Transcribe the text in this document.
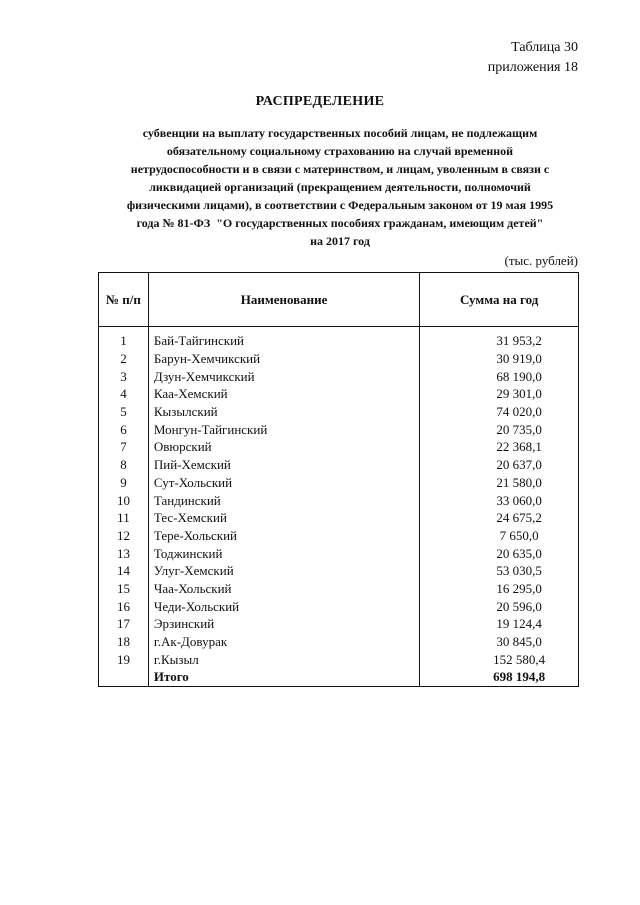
Таблица 30
приложения 18
РАСПРЕДЕЛЕНИЕ
субвенции на выплату государственных пособий лицам, не подлежащим
обязательному социальному страхованию на случай временной
нетрудоспособности и в связи с материнством, и лицам, уволенным в связи с
ликвидацией организаций (прекращением деятельности, полномочий
физическими лицами), в соответствии с Федеральным законом от 19 мая 1995
года № 81-ФЗ  "О государственных пособиях гражданам, имеющим детей"
на 2017 год
(тыс. рублей)
№ п/п	Наименование	Сумма на год
1	Бай-Тайгинский	31 953,2
2	Барун-Хемчикский	30 919,0
3	Дзун-Хемчикский	68 190,0
4	Каа-Хемский	29 301,0
5	Кызылский	74 020,0
6	Монгун-Тайгинский	20 735,0
7	Овюрский	22 368,1
8	Пий-Хемский	20 637,0
9	Сут-Хольский	21 580,0
10	Тандинский	33 060,0
11	Тес-Хемский	24 675,2
12	Тере-Хольский	7 650,0
13	Тоджинский	20 635,0
14	Улуг-Хемский	53 030,5
15	Чаа-Хольский	16 295,0
16	Чеди-Хольский	20 596,0
17	Эрзинский	19 124,4
18	г.Ак-Довурак	30 845,0
19	г.Кызыл	152 580,4
	Итого	698 194,8
